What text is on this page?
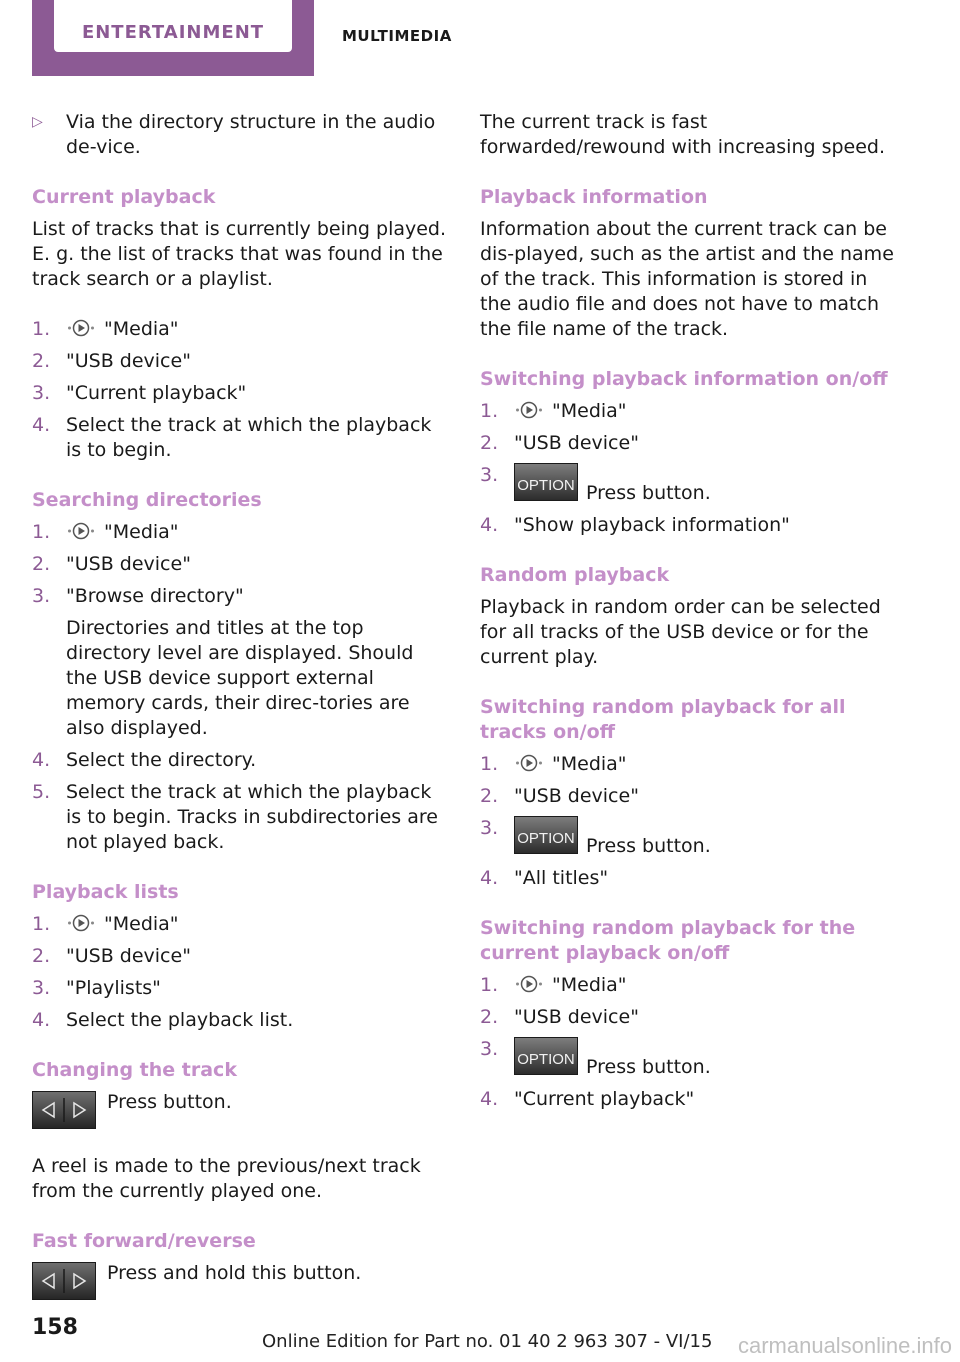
ENTERTAINMENT	MULTIMEDIA
▷ Via the directory structure in the audio de‐vice.
Current playback

List of tracks that is currently being played. E. g. the list of tracks that was found in the track search or a playlist.

1.	"Media"
2. "USB device"
3. "Current playback"
4. Select the track at which the playback is to begin.
Searching directories
1.	"Media"
2. "USB device"
3. "Browse directory"
Directories and titles at the top directory level are displayed. Should the USB device support external memory cards, their direc‐tories are also displayed.
4. Select the directory.
5. Select the track at which the playback is to begin. Tracks in subdirectories are not played back.
Playback lists
1.	"Media"
2. "USB device"
3. "Playlists"
4. Select the playback list.
Changing the track
Press button.

A reel is made to the previous/next track from the currently played one.

Fast forward/reverse
Press and hold this button.

The current track is fast forwarded/rewound with increasing speed.

Playback information

Information about the current track can be dis‐played, such as the artist and the name of the track. This information is stored in the audio file and does not have to match the file name of the track.

Switching playback information on/off
1.	"Media"
2. "USB device"
3. OPTION Press button.
4. "Show playback information"
Random playback

Playback in random order can be selected for all tracks of the USB device or for the current play.

Switching random playback for all tracks on/off
1.	"Media"
2. "USB device"
3. OPTION Press button.
4. "All titles"
Switching random playback for the current playback on/off
1.	"Media"
2. "USB device"
3. OPTION Press button.
4. "Current playback"
158
Online Edition for Part no. 01 40 2 963 307 - VI/15 carmanualsonline.info
